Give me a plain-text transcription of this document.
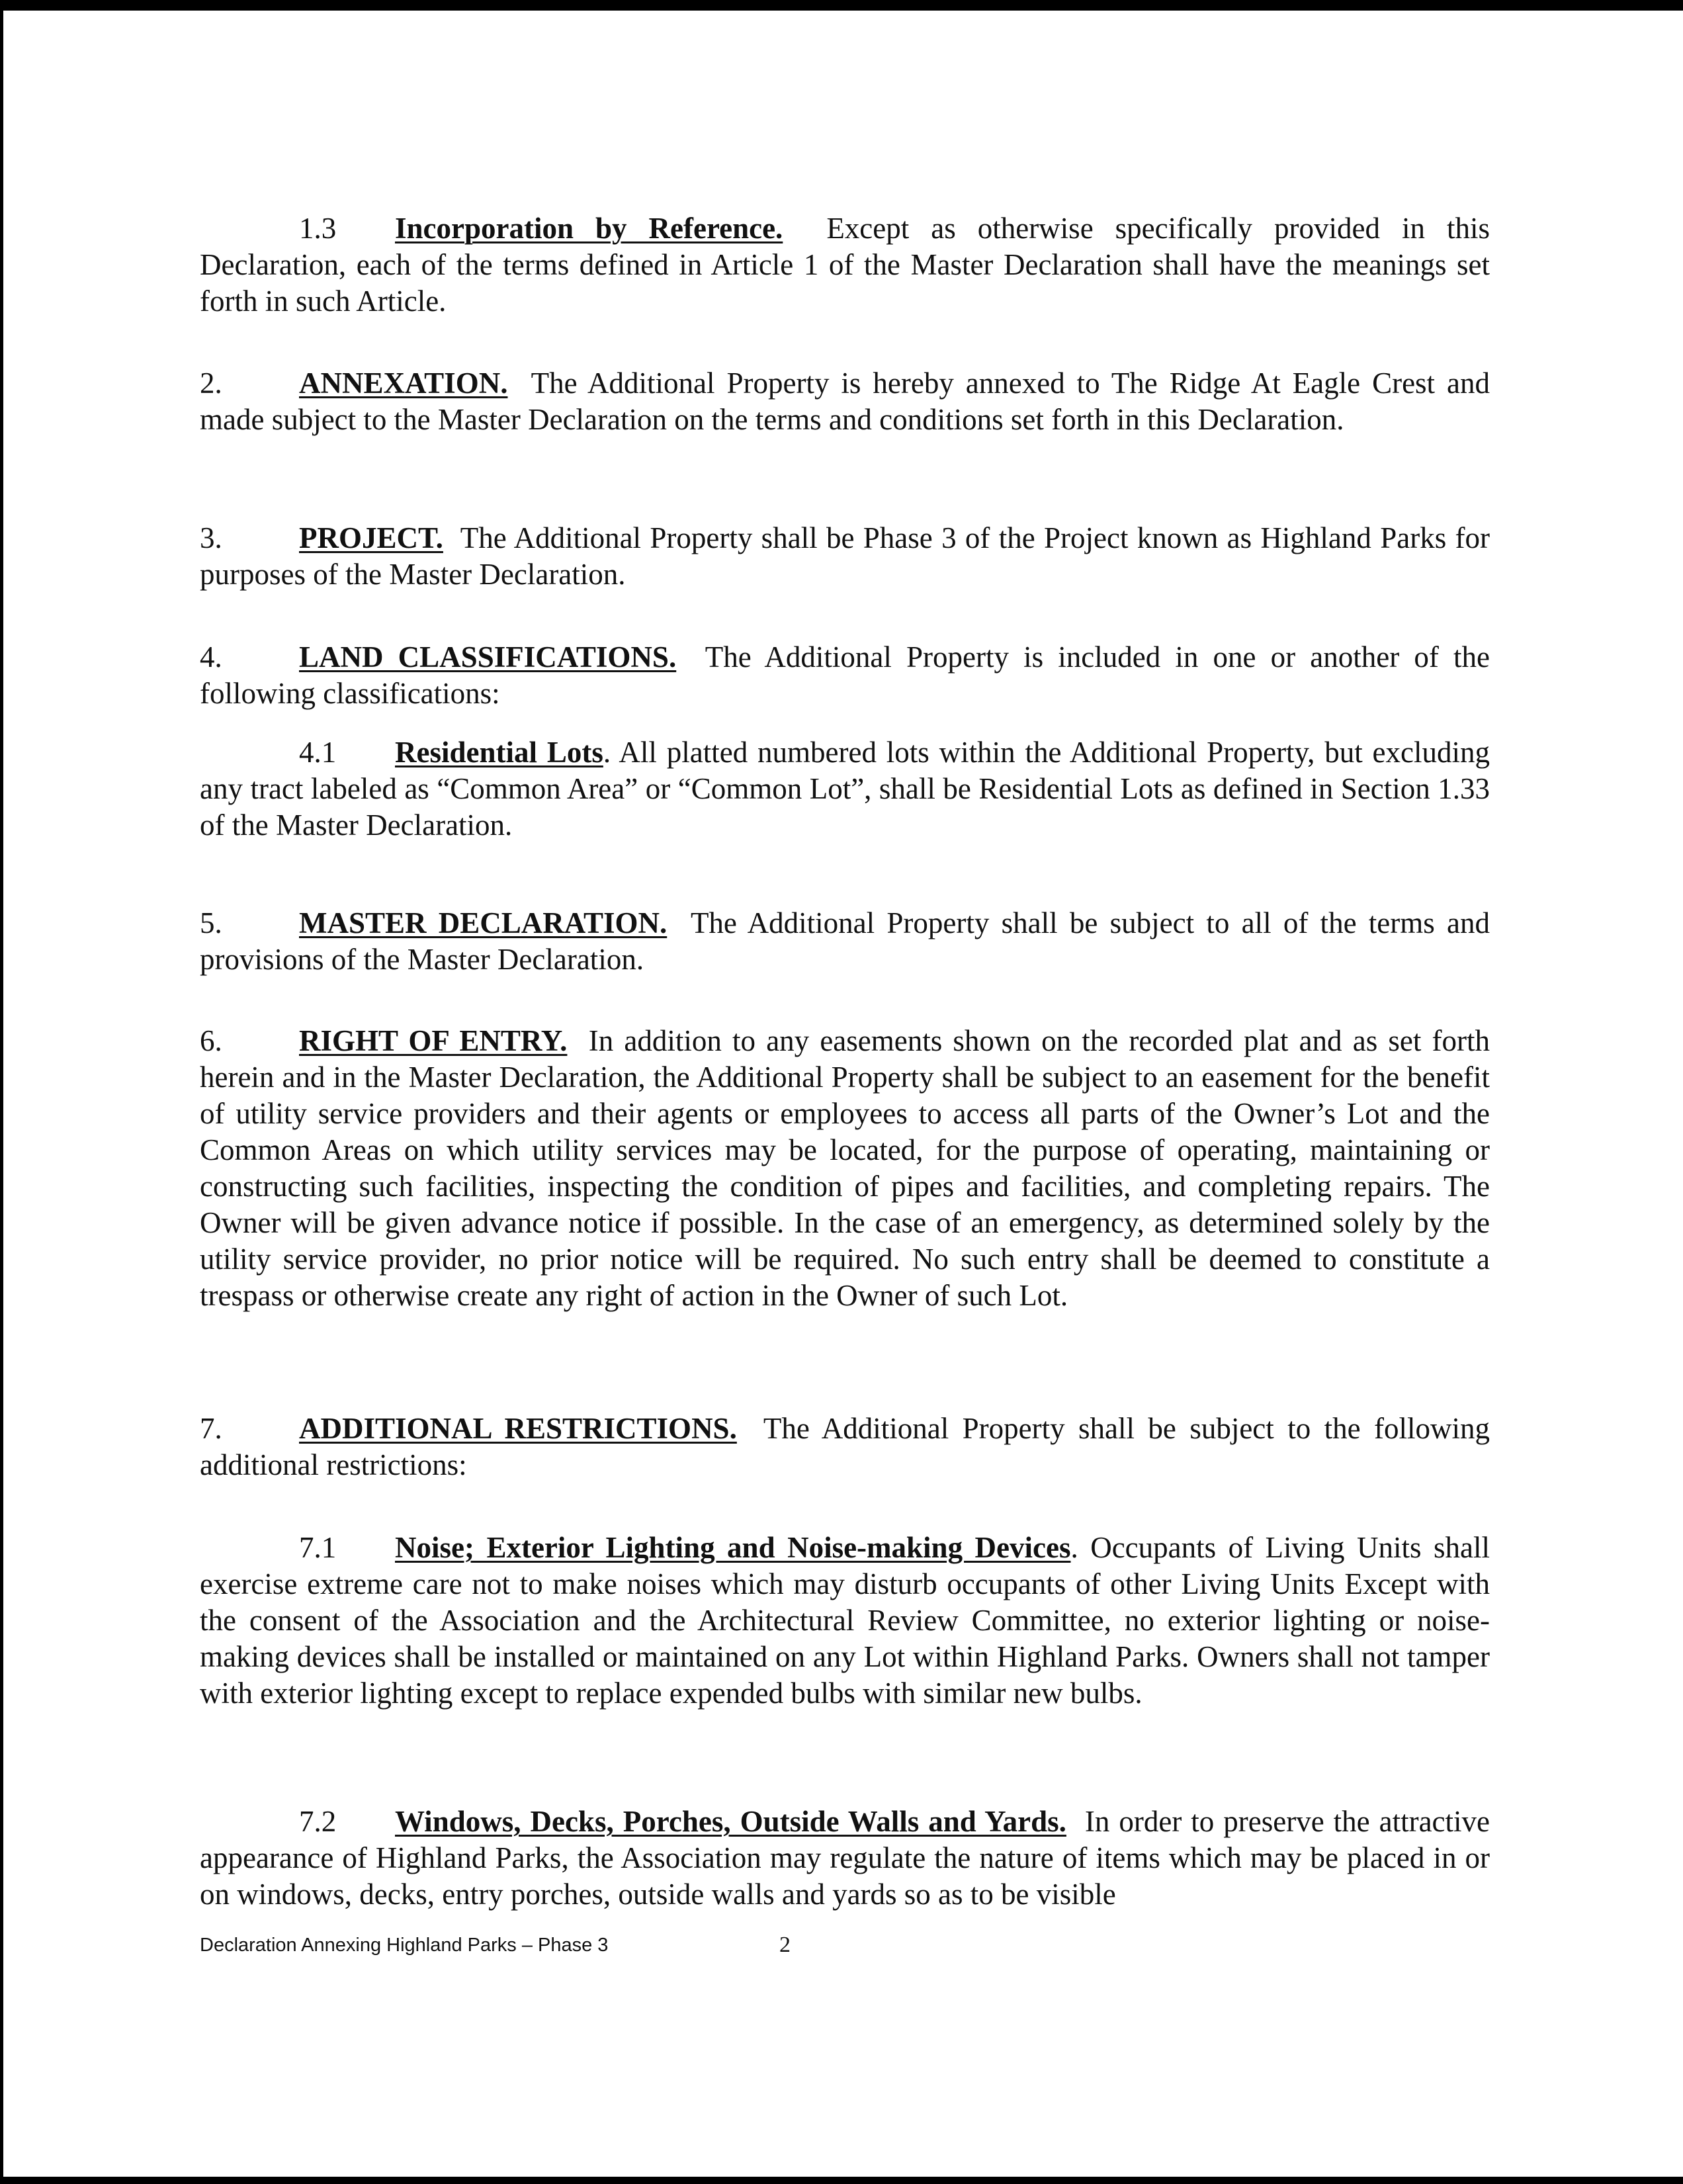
1.3 Incorporation by Reference. Except as otherwise specifically provided in this Declaration, each of the terms defined in Article 1 of the Master Declaration shall have the meanings set forth in such Article.

2.	ANNEXATION. The Additional Property is hereby annexed to The Ridge At Eagle Crest and made subject to the Master Declaration on the terms and conditions set forth in this Declaration.

3.	PROJECT. The Additional Property shall be Phase 3 of the Project known as Highland Parks for purposes of the Master Declaration.

4.	LAND CLASSIFICATIONS. The Additional Property is included in one or another of the following classifications:

4.1 Residential Lots. All platted numbered lots within the Additional Property, but excluding any tract labeled as “Common Area” or “Common Lot”, shall be Residential Lots as defined in Section 1.33 of the Master Declaration.

5.	MASTER DECLARATION. The Additional Property shall be subject to all of the terms and provisions of the Master Declaration.

6.	RIGHT OF ENTRY. In addition to any easements shown on the recorded plat and as set forth herein and in the Master Declaration, the Additional Property shall be subject to an easement for the benefit of utility service providers and their agents or employees to access all parts of the Owner’s Lot and the Common Areas on which utility services may be located, for the purpose of operating, maintaining or constructing such facilities, inspecting the condition of pipes and facilities, and completing repairs. The Owner will be given advance notice if possible. In the case of an emergency, as determined solely by the utility service provider, no prior notice will be required. No such entry shall be deemed to constitute a trespass or otherwise create any right of action in the Owner of such Lot.

7.	ADDITIONAL RESTRICTIONS. The Additional Property shall be subject to the following additional restrictions:

7.1 Noise; Exterior Lighting and Noise-making Devices. Occupants of Living Units shall exercise extreme care not to make noises which may disturb occupants of other Living Units Except with the consent of the Association and the Architectural Review Committee, no exterior lighting or noise-making devices shall be installed or maintained on any Lot within Highland Parks. Owners shall not tamper with exterior lighting except to replace expended bulbs with similar new bulbs.

7.2 Windows, Decks, Porches, Outside Walls and Yards. In order to preserve the attractive appearance of Highland Parks, the Association may regulate the nature of items which may be placed in or on windows, decks, entry porches, outside walls and yards so as to be visible

Declaration Annexing Highland Parks – Phase 3	2
